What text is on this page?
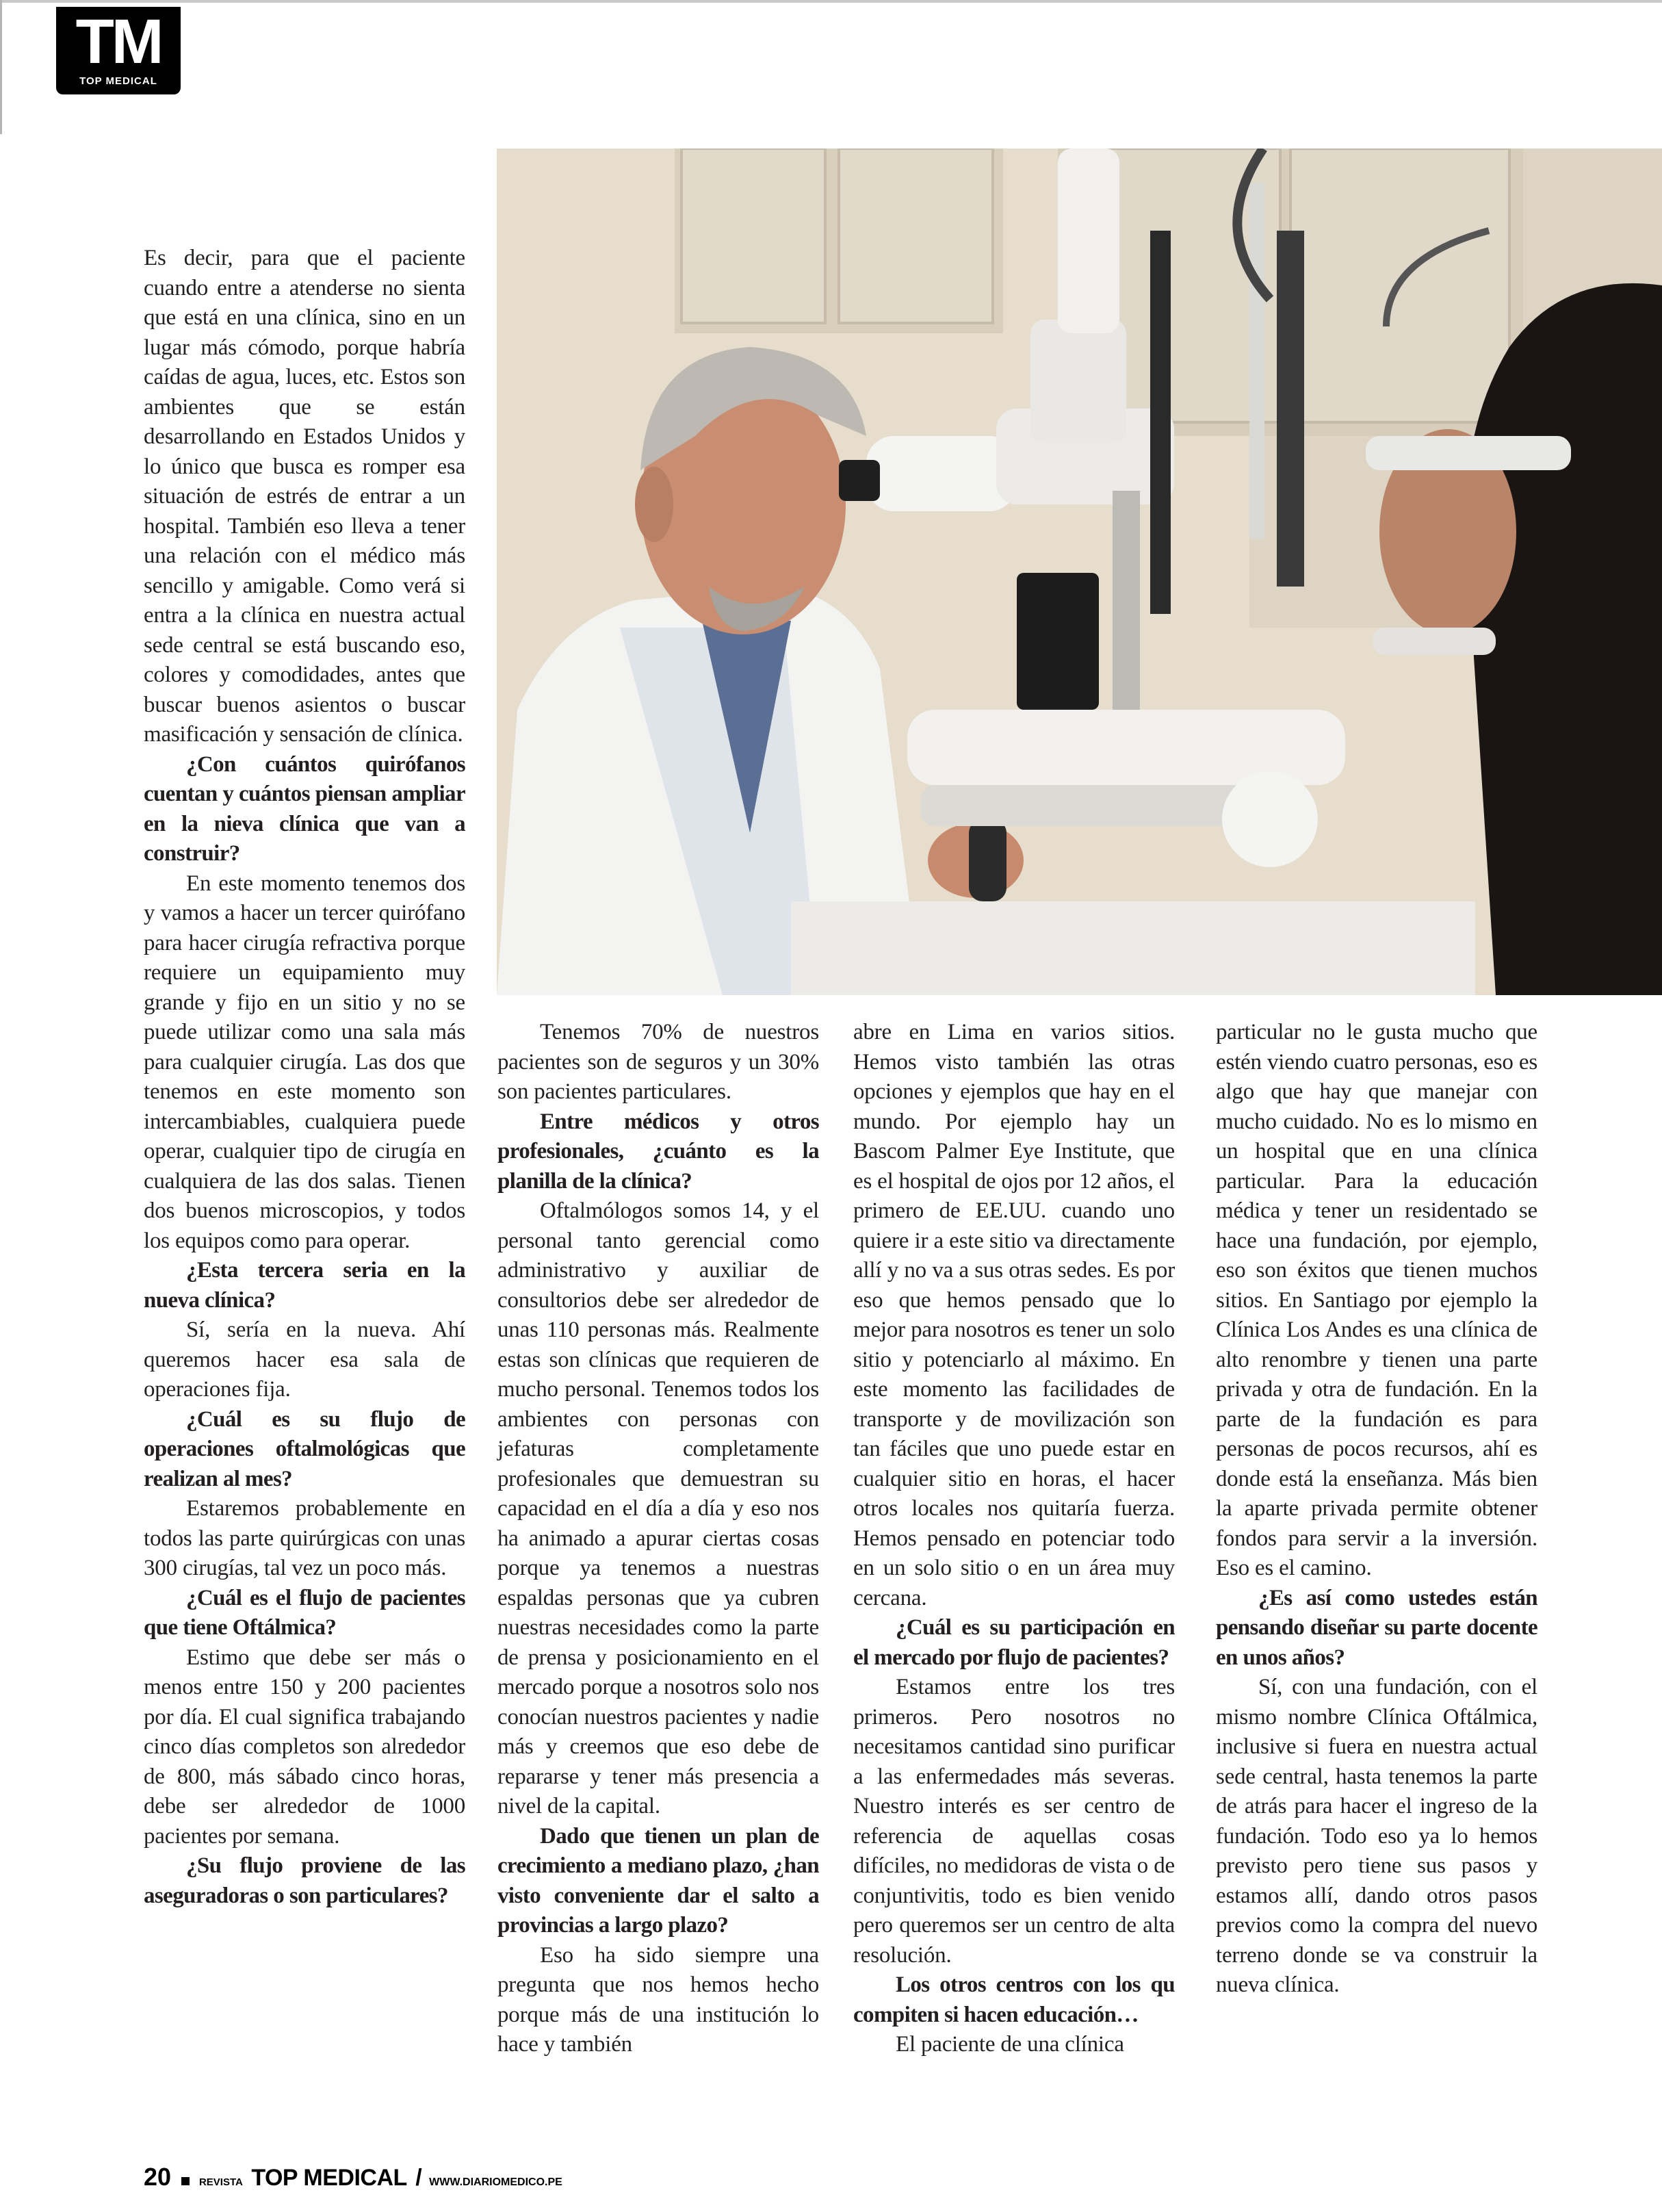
TM
TOP MEDICAL

Es decir, para que el paciente cuando entre a atenderse no sienta que está en una clínica, sino en un lugar más cómodo, porque habría caídas de agua, luces, etc. Estos son ambientes que se están desarrollando en Estados Unidos y lo único que busca es romper esa situación de estrés de entrar a un hospital. También eso lleva a tener una relación con el médico más sencillo y amigable. Como verá si entra a la clínica en nuestra actual sede central se está buscando eso, colores y comodidades, antes que buscar buenos asientos o buscar masificación y sensación de clínica.

¿Con cuántos quirófanos cuentan y cuántos piensan ampliar en la nieva clínica que van a construir?

En este momento tenemos dos y vamos a hacer un tercer quirófano para hacer cirugía refractiva porque requiere un equipamiento muy grande y fijo en un sitio y no se puede utilizar como una sala más para cualquier cirugía. Las dos que tenemos en este momento son intercambiables, cualquiera puede operar, cualquier tipo de cirugía en cualquiera de las dos salas. Tienen dos buenos microscopios, y todos los equipos como para operar.

¿Esta tercera seria en la nueva clínica?

Sí, sería en la nueva. Ahí queremos hacer esa sala de operaciones fija.

¿Cuál es su flujo de operaciones oftalmológicas que realizan al mes?

Estaremos probablemente en todos las parte quirúrgicas con unas 300 cirugías, tal vez un poco más.

¿Cuál es el flujo de pacientes que tiene Oftálmica?

Estimo que debe ser más o menos entre 150 y 200 pacientes por día. El cual significa trabajando cinco días completos son alrededor de 800, más sábado cinco horas, debe ser alrededor de 1000 pacientes por semana.

¿Su flujo proviene de las aseguradoras o son particulares?

Tenemos 70% de nuestros pacientes son de seguros y un 30% son pacientes particulares.

Entre médicos y otros profesionales, ¿cuánto es la planilla de la clínica?

Oftalmólogos somos 14, y el personal tanto gerencial como administrativo y auxiliar de consultorios debe ser alrededor de unas 110 personas más. Realmente estas son clínicas que requieren de mucho personal. Tenemos todos los ambientes con personas con jefaturas completamente profesionales que demuestran su capacidad en el día a día y eso nos ha animado a apurar ciertas cosas porque ya tenemos a nuestras espaldas personas que ya cubren nuestras necesidades como la parte de prensa y posicionamiento en el mercado porque a nosotros solo nos conocían nuestros pacientes y nadie más y creemos que eso debe de repararse y tener más presencia a nivel de la capital.

Dado que tienen un plan de crecimiento a mediano plazo, ¿han visto conveniente dar el salto a provincias a largo plazo?

Eso ha sido siempre una pregunta que nos hemos hecho porque más de una institución lo hace y también

abre en Lima en varios sitios. Hemos visto también las otras opciones y ejemplos que hay en el mundo. Por ejemplo hay un Bascom Palmer Eye Institute, que es el hospital de ojos por 12 años, el primero de EE.UU. cuando uno quiere ir a este sitio va directamente allí y no va a sus otras sedes. Es por eso que hemos pensado que lo mejor para nosotros es tener un solo sitio y potenciarlo al máximo. En este momento las facilidades de transporte y de movilización son tan fáciles que uno puede estar en cualquier sitio en horas, el hacer otros locales nos quitaría fuerza. Hemos pensado en potenciar todo en un solo sitio o en un área muy cercana.

¿Cuál es su participación en el mercado por flujo de pacientes?

Estamos entre los tres primeros. Pero nosotros no necesitamos cantidad sino purificar a las enfermedades más severas. Nuestro interés es ser centro de referencia de aquellas cosas difíciles, no medidoras de vista o de conjuntivitis, todo es bien venido pero queremos ser un centro de alta resolución.

Los otros centros con los qu compiten si hacen educación…

El paciente de una clínica

particular no le gusta mucho que estén viendo cuatro personas, eso es algo que hay que manejar con mucho cuidado. No es lo mismo en un hospital que en una clínica particular. Para la educación médica y tener un residentado se hace una fundación, por ejemplo, eso son éxitos que tienen muchos sitios. En Santiago por ejemplo la Clínica Los Andes es una clínica de alto renombre y tienen una parte privada y otra de fundación. En la parte de la fundación es para personas de pocos recursos, ahí es donde está la enseñanza. Más bien la aparte privada permite obtener fondos para servir a la inversión. Eso es el camino.

¿Es así como ustedes están pensando diseñar su parte docente en unos años?

Sí, con una fundación, con el mismo nombre Clínica Oftálmica, inclusive si fuera en nuestra actual sede central, hasta tenemos la parte de atrás para hacer el ingreso de la fundación. Todo eso ya lo hemos previsto pero tiene sus pasos y estamos allí, dando otros pasos previos como la compra del nuevo terreno donde se va construir la nueva clínica.

20	REVISTA TOP MEDICAL / WWW.DIARIOMEDICO.PE
